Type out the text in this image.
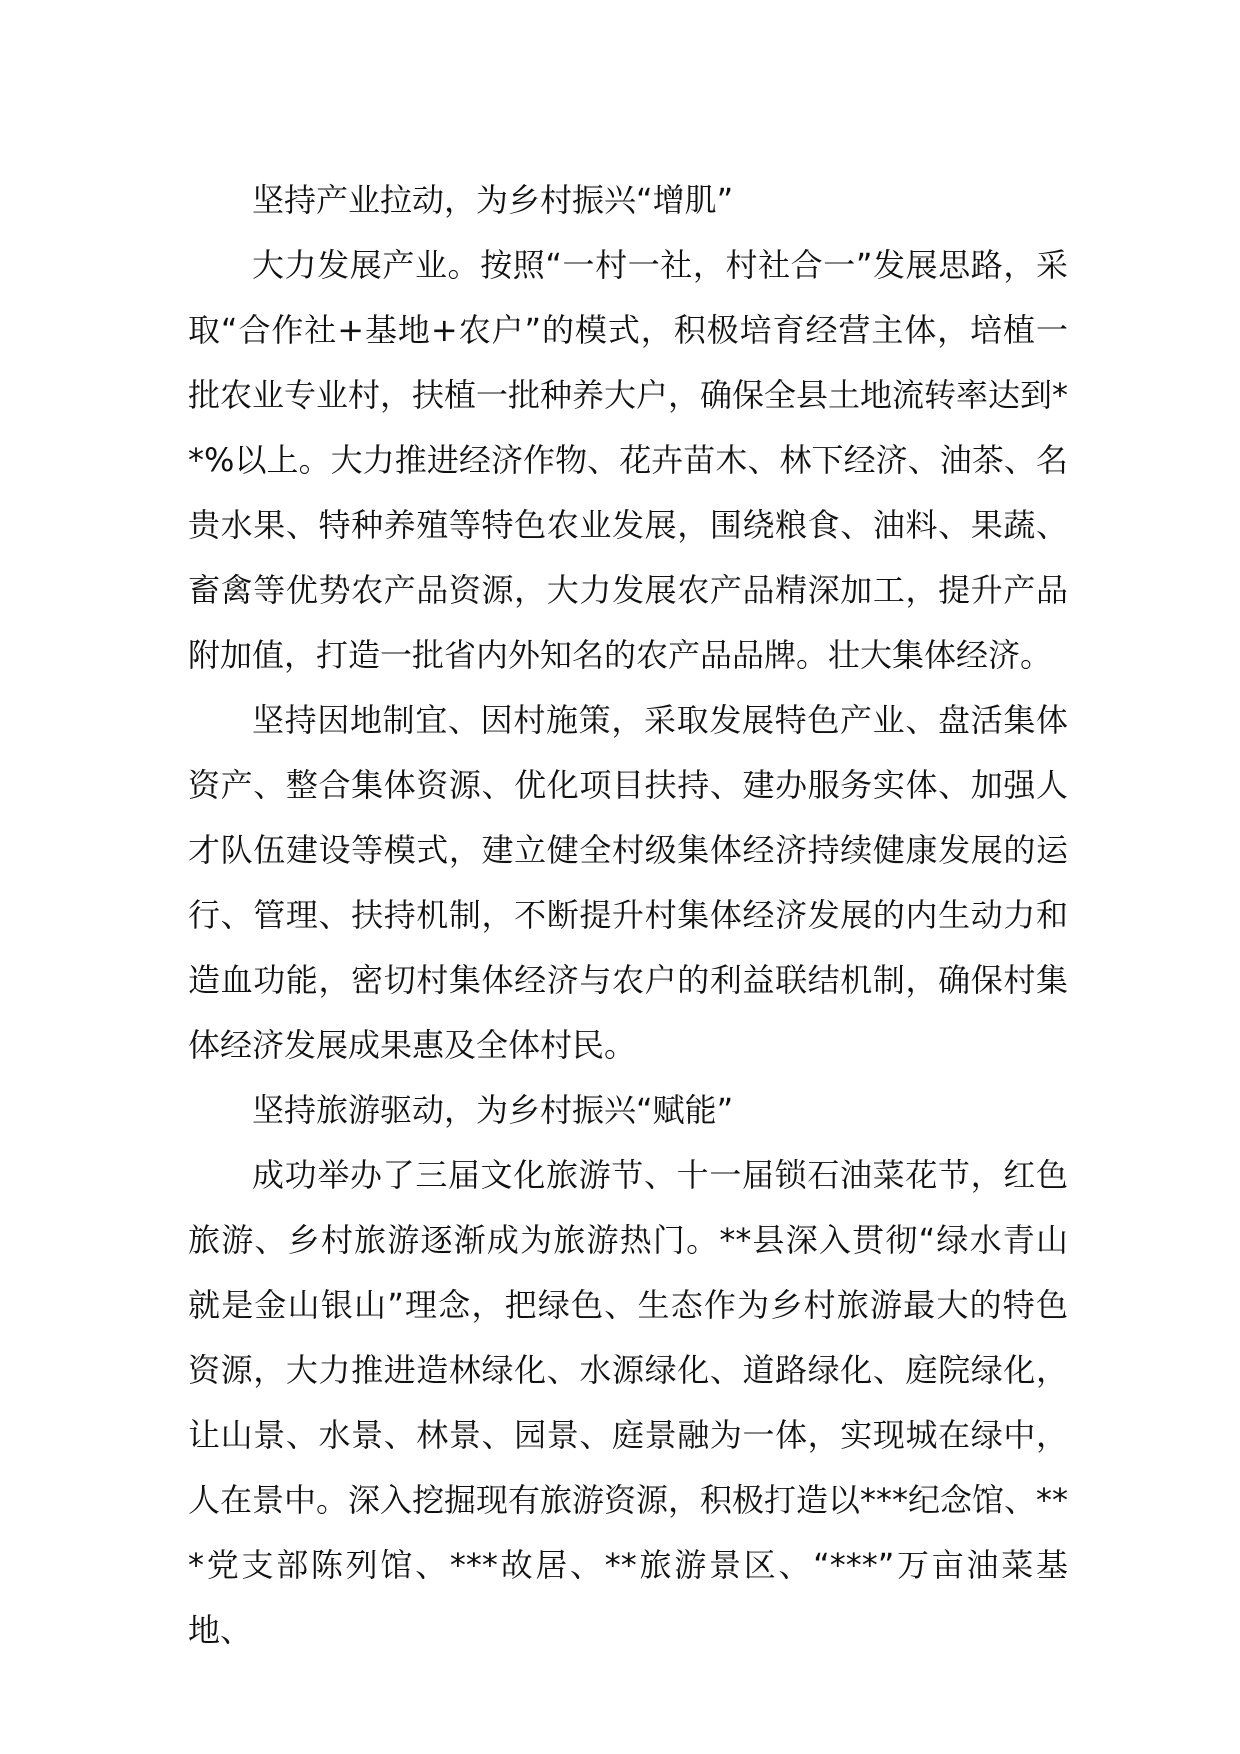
坚持产业拉动，为乡村振兴“增肌”

大力发展产业。按照“一村一社，村社合一”发展思路，采取“合作社+基地+农户”的模式，积极培育经营主体，培植一批农业专业村，扶植一批种养大户，确保全县土地流转率达到**%以上。大力推进经济作物、花卉苗木、林下经济、油茶、名贵水果、特种养殖等特色农业发展，围绕粮食、油料、果蔬、畜禽等优势农产品资源，大力发展农产品精深加工，提升产品附加值，打造一批省内外知名的农产品品牌。壮大集体经济。

坚持因地制宜、因村施策，采取发展特色产业、盘活集体资产、整合集体资源、优化项目扶持、建办服务实体、加强人才队伍建设等模式，建立健全村级集体经济持续健康发展的运行、管理、扶持机制，不断提升村集体经济发展的内生动力和造血功能，密切村集体经济与农户的利益联结机制，确保村集体经济发展成果惠及全体村民。

坚持旅游驱动，为乡村振兴“赋能”

成功举办了三届文化旅游节、十一届锁石油菜花节，红色旅游、乡村旅游逐渐成为旅游热门。**县深入贯彻“绿水青山就是金山银山”理念，把绿色、生态作为乡村旅游最大的特色资源，大力推进造林绿化、水源绿化、道路绿化、庭院绿化，让山景、水景、林景、园景、庭景融为一体，实现城在绿中，人在景中。深入挖掘现有旅游资源，积极打造以***纪念馆、***党支部陈列馆、***故居、**旅游景区、“***”万亩油菜基地、
